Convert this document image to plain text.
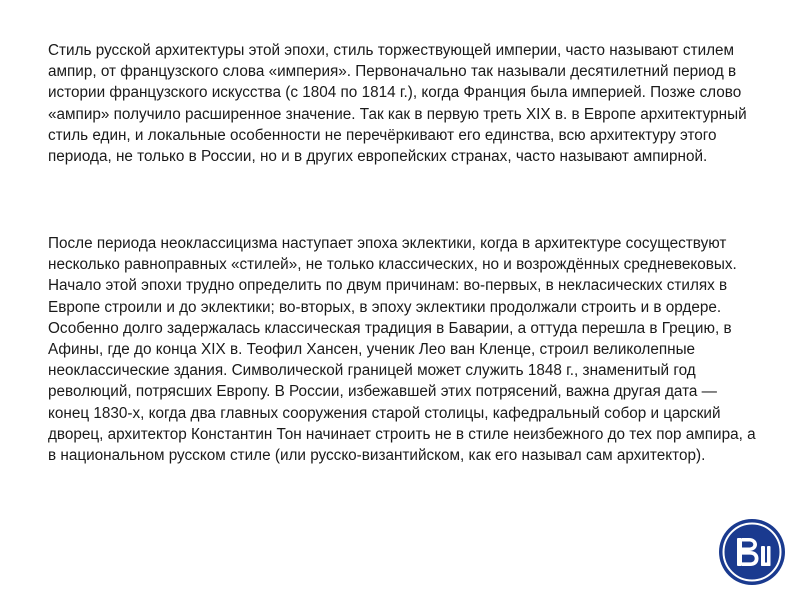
Стиль русской архитектуры этой эпохи, стиль торжествующей империи, часто называют стилем ампир, от французского слова «империя». Первоначально так называли десятилетний период в истории французского искусства (с 1804 по 1814 г.), когда Франция была империей. Позже слово «ампир» получило расширенное значение. Так как в первую треть XIX в. в Европе архитектурный стиль един, и локальные особенности не перечёркивают его единства, всю архитектуру этого периода, не только в России, но и в других европейских странах, часто называют ампирной.

После периода неоклассицизма наступает эпоха эклектики, когда в архитектуре сосуществуют несколько равноправных «стилей», не только классических, но и возрождённых средневековых. Начало этой эпохи трудно определить по двум причинам: во-первых, в некласических стилях в Европе строили и до эклектики; во-вторых, в эпоху эклектики продолжали строить и в ордере. Особенно долго задержалась классическая традиция в Баварии, а оттуда перешла в Грецию, в Афины, где до конца XIX в. Теофил Хансен, ученик Лео ван Кленце, строил великолепные неоклассические здания. Символической границей может служить 1848 г., знаменитый год революций, потрясших Европу. В России, избежавшей этих потрясений, важна другая дата — конец 1830-х, когда два главных сооружения старой столицы, кафедральный собор и царский дворец, архитектор Константин Тон начинает строить не в стиле неизбежного до тех пор ампира, а в национальном русском стиле (или русско-византийском, как его называл сам архитектор).
